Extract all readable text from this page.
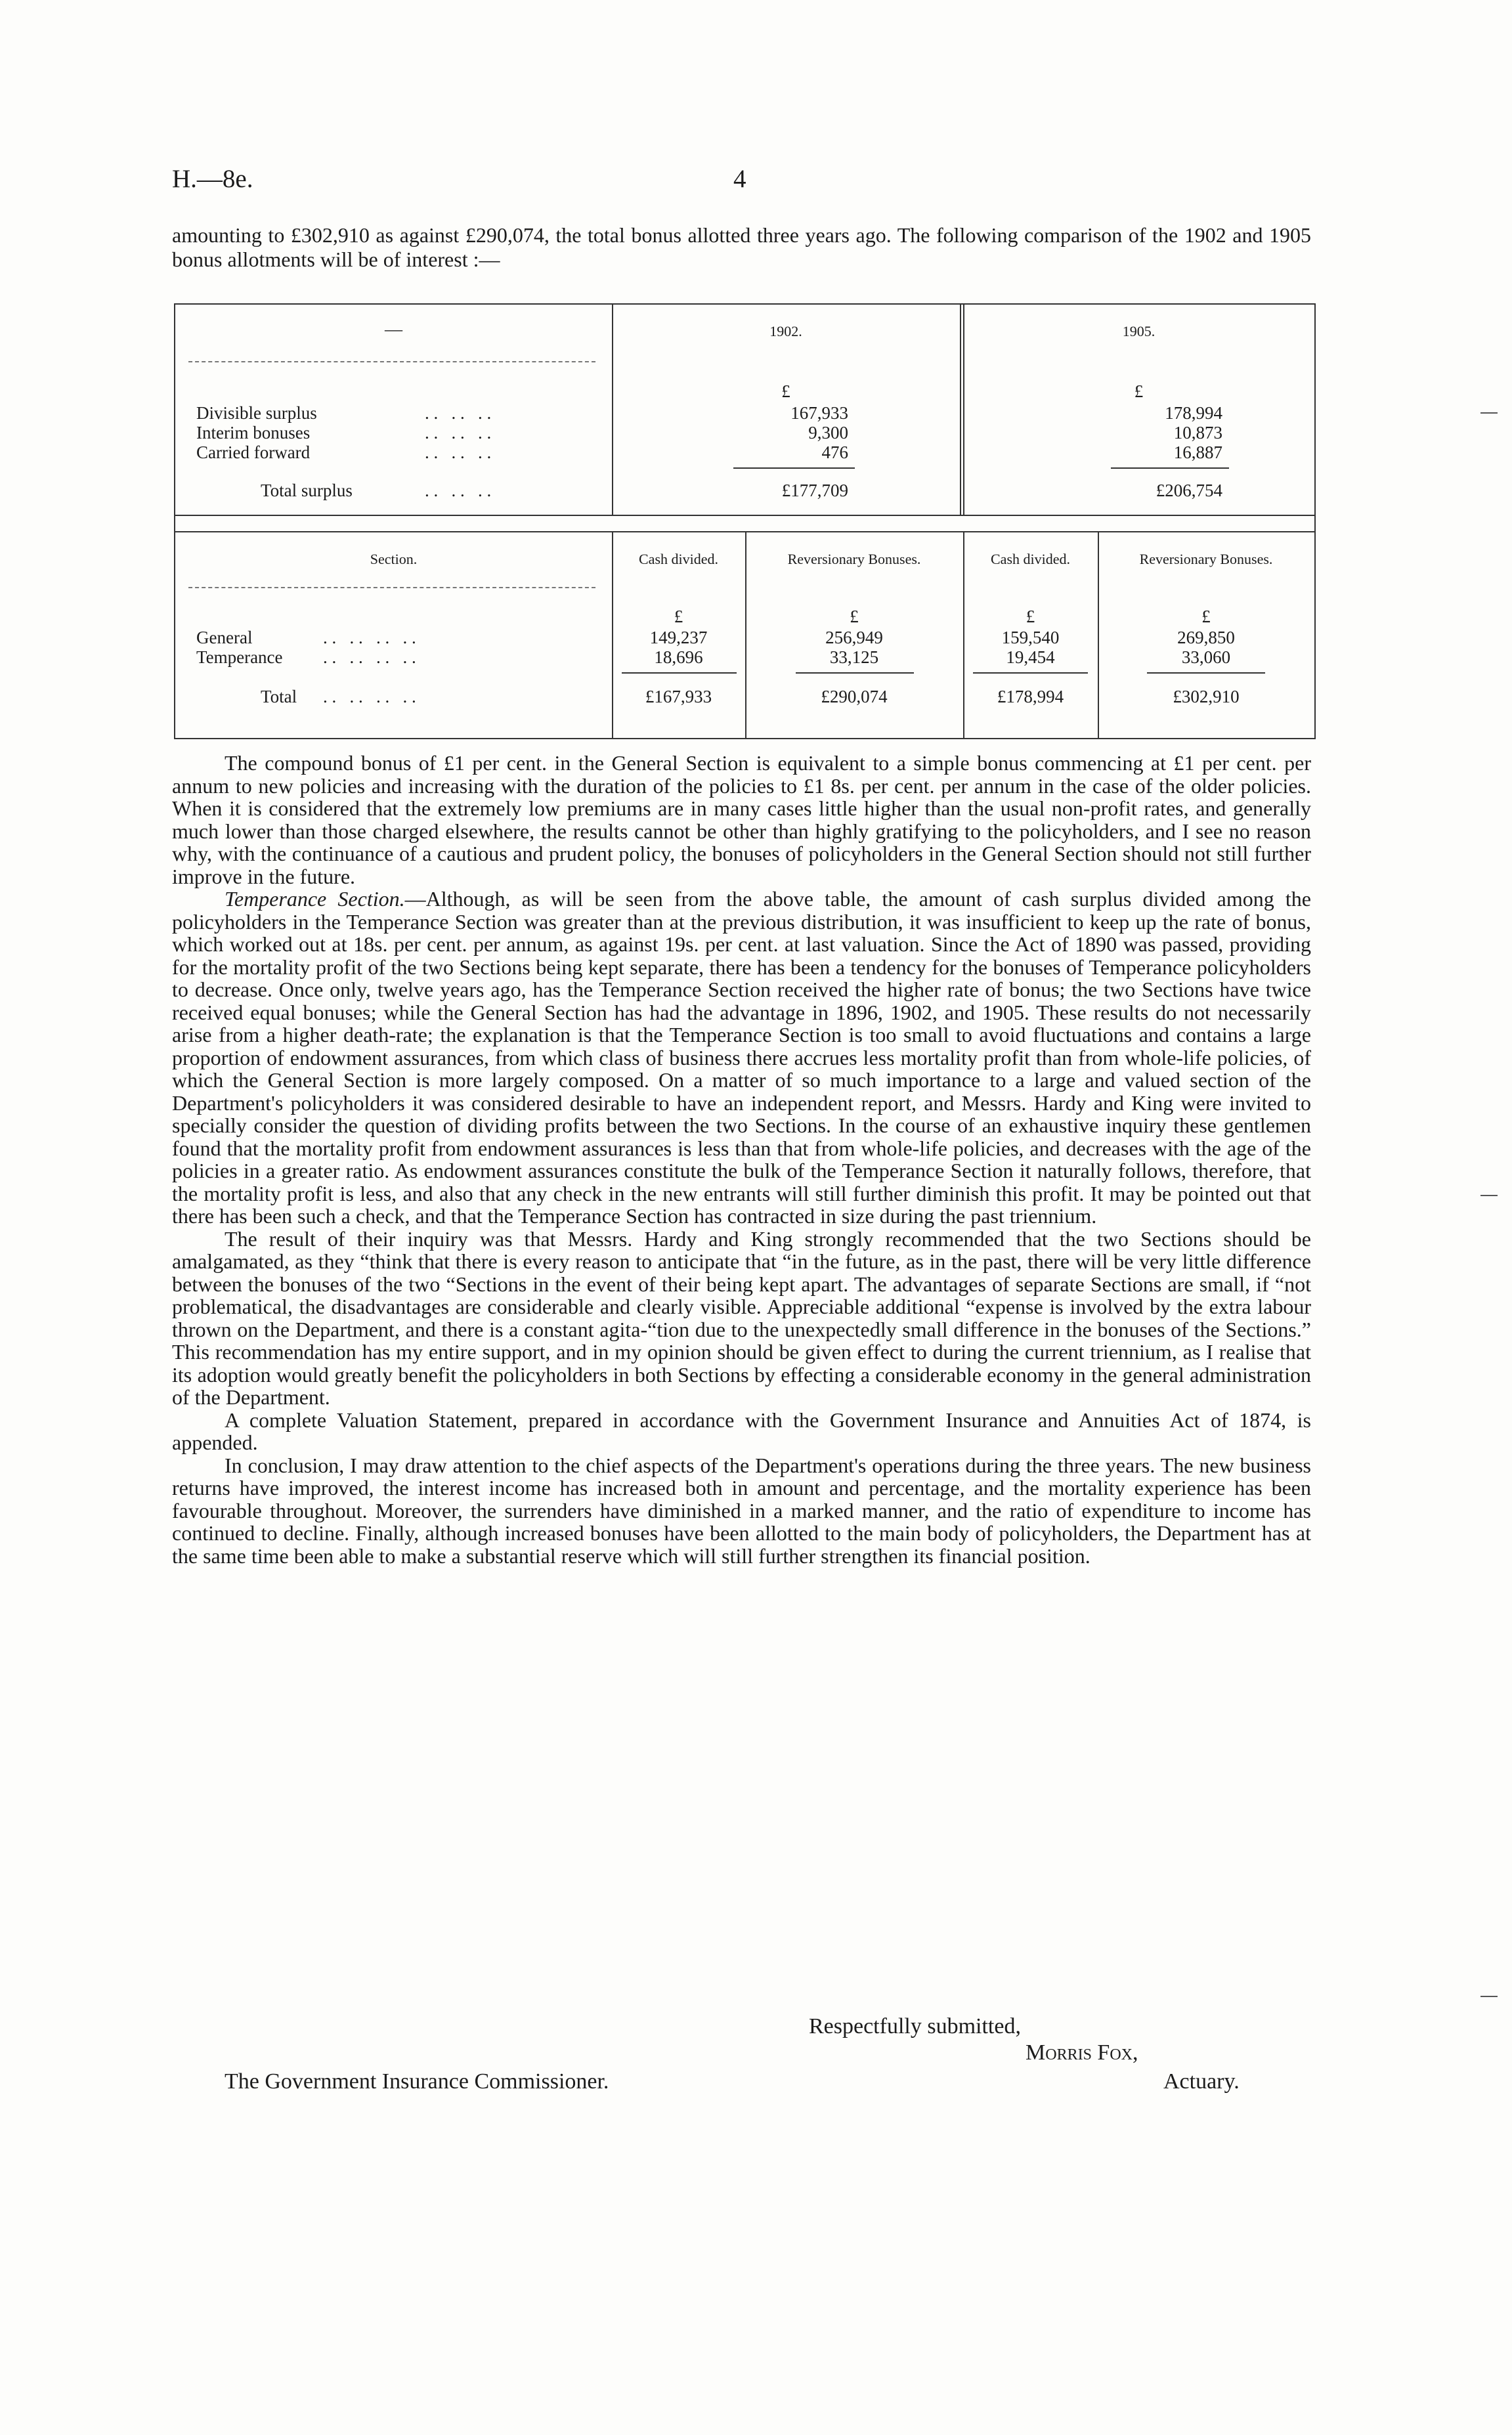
H.—8e.	4
amounting to £302,910 as against £290,074, the total bonus allotted three years ago. The following comparison of the 1902 and 1905 bonus allotments will be of interest :—
—	1902.	1905.
£	£
Divisible surplus	. .   . .   . .	167,933	178,994
Interim bonuses	. .   . .   . .	9,300	10,873
Carried forward	. .   . .   . .	476	16,887
Total surplus	. .   . .   . .	£177,709	£206,754
Section.	Cash divided.	Reversionary Bonuses.	Cash divided.	Reversionary Bonuses.
£	£	£	£
General	. .   . .   . .   . .	149,237	256,949	159,540	269,850
Temperance . .   . .   . .   . .	18,696	33,125	19,454	33,060
Total . .   . .   . .   . .	£167,933	£290,074	£178,994	£302,910

The compound bonus of £1 per cent. in the General Section is equivalent to a simple bonus commencing at £1 per cent. per annum to new policies and increasing with the duration of the policies to £1 8s. per cent. per annum in the case of the older policies. When it is considered that the extremely low premiums are in many cases little higher than the usual non-profit rates, and generally much lower than those charged elsewhere, the results cannot be other than highly gratifying to the policyholders, and I see no reason why, with the continuance of a cautious and prudent policy, the bonuses of policyholders in the General Section should not still further improve in the future.

Temperance Section.—Although, as will be seen from the above table, the amount of cash surplus divided among the policyholders in the Temperance Section was greater than at the previous distribution, it was insufficient to keep up the rate of bonus, which worked out at 18s. per cent. per annum, as against 19s. per cent. at last valuation. Since the Act of 1890 was passed, providing for the mortality profit of the two Sections being kept separate, there has been a tendency for the bonuses of Temperance policyholders to decrease. Once only, twelve years ago, has the Temperance Section received the higher rate of bonus; the two Sections have twice received equal bonuses; while the General Section has had the advantage in 1896, 1902, and 1905. These results do not necessarily arise from a higher death-rate; the explanation is that the Temperance Section is too small to avoid fluctuations and contains a large proportion of endowment assurances, from which class of business there accrues less mortality profit than from whole-life policies, of which the General Section is more largely composed. On a matter of so much importance to a large and valued section of the Department's policyholders it was considered desirable to have an independent report, and Messrs. Hardy and King were invited to specially consider the question of dividing profits between the two Sections. In the course of an exhaustive inquiry these gentlemen found that the mortality profit from endowment assurances is less than that from whole-life policies, and decreases with the age of the policies in a greater ratio. As endowment assurances constitute the bulk of the Temperance Section it naturally follows, therefore, that the mortality profit is less, and also that any check in the new entrants will still further diminish this profit. It may be pointed out that there has been such a check, and that the Temperance Section has contracted in size during the past triennium.

The result of their inquiry was that Messrs. Hardy and King strongly recommended that the two Sections should be amalgamated, as they “think that there is every reason to anticipate that “in the future, as in the past, there will be very little difference between the bonuses of the two “Sections in the event of their being kept apart. The advantages of separate Sections are small, if “not problematical, the disadvantages are considerable and clearly visible. Appreciable additional “expense is involved by the extra labour thrown on the Department, and there is a constant agita-“tion due to the unexpectedly small difference in the bonuses of the Sections.” This recommendation has my entire support, and in my opinion should be given effect to during the current triennium, as I realise that its adoption would greatly benefit the policyholders in both Sections by effecting a considerable economy in the general administration of the Department.

A complete Valuation Statement, prepared in accordance with the Government Insurance and Annuities Act of 1874, is appended.

In conclusion, I may draw attention to the chief aspects of the Department's operations during the three years. The new business returns have improved, the interest income has increased both in amount and percentage, and the mortality experience has been favourable throughout. Moreover, the surrenders have diminished in a marked manner, and the ratio of expenditure to income has continued to decline. Finally, although increased bonuses have been allotted to the main body of policyholders, the Department has at the same time been able to make a substantial reserve which will still further strengthen its financial position.

Respectfully submitted,
Morris Fox,
The Government Insurance Commissioner.	Actuary.
